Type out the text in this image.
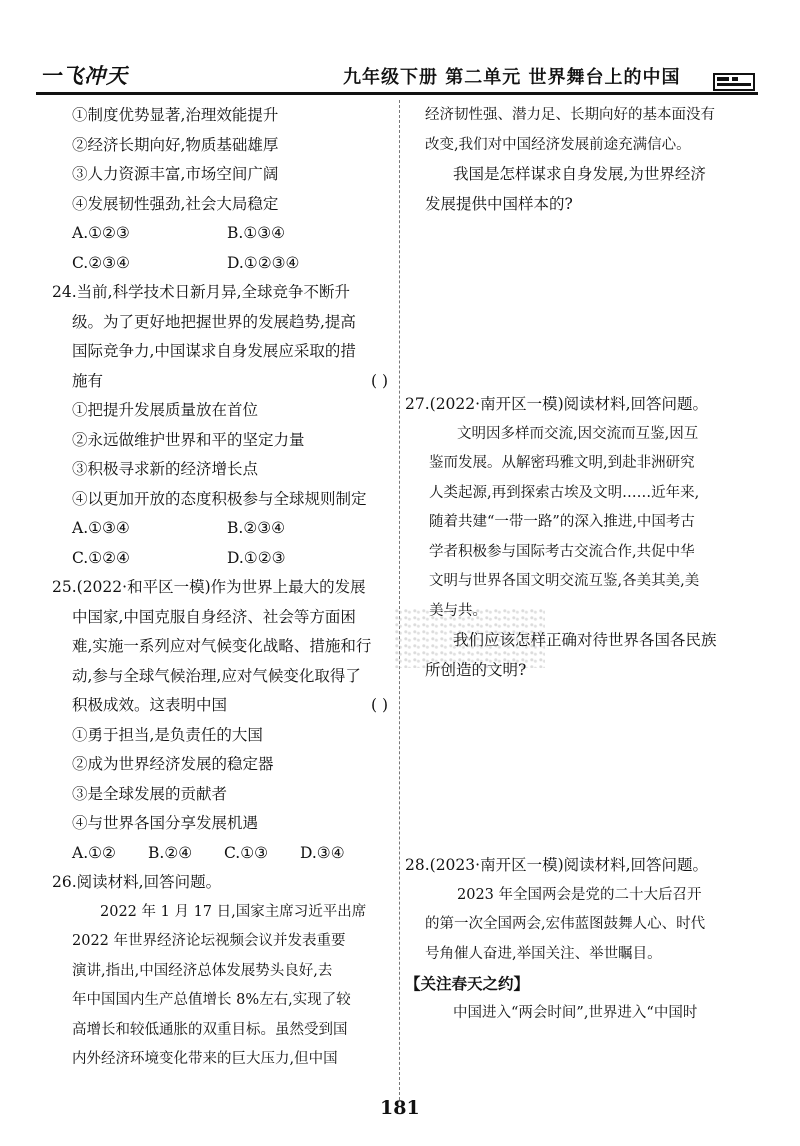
一飞冲天	九年级下册 第二单元 世界舞台上的中国
①制度优势显著,治理效能提升
②经济长期向好,物质基础雄厚
③人力资源丰富,市场空间广阔
④发展韧性强劲,社会大局稳定
A.①②③	B.①③④
C.②③④	D.①②③④
24.当前,科学技术日新月异,全球竞争不断升
级。为了更好地把握世界的发展趋势,提高
国际竞争力,中国谋求自身发展应采取的措
施有	( )
①把提升发展质量放在首位
②永远做维护世界和平的坚定力量
③积极寻求新的经济增长点
④以更加开放的态度积极参与全球规则制定
A.①③④	B.②③④
C.①②④	D.①②③
25.(2022·和平区一模)作为世界上最大的发展
中国家,中国克服自身经济、社会等方面困
难,实施一系列应对气候变化战略、措施和行
动,参与全球气候治理,应对气候变化取得了
积极成效。这表明中国	( )
①勇于担当,是负责任的大国
②成为世界经济发展的稳定器
③是全球发展的贡献者
④与世界各国分享发展机遇
A.①②	B.②④	C.①③	D.③④
26.阅读材料,回答问题。
2022 年 1 月 17 日,国家主席习近平出席
2022 年世界经济论坛视频会议并发表重要
演讲,指出,中国经济总体发展势头良好,去
年中国国内生产总值增长 8%左右,实现了较
高增长和较低通胀的双重目标。虽然受到国
内外经济环境变化带来的巨大压力,但中国
经济韧性强、潜力足、长期向好的基本面没有
改变,我们对中国经济发展前途充满信心。
我国是怎样谋求自身发展,为世界经济
发展提供中国样本的?
27.(2022·南开区一模)阅读材料,回答问题。
文明因多样而交流,因交流而互鉴,因互
鉴而发展。从解密玛雅文明,到赴非洲研究
人类起源,再到探索古埃及文明……近年来,
随着共建“一带一路”的深入推进,中国考古
学者积极参与国际考古交流合作,共促中华
文明与世界各国文明交流互鉴,各美其美,美
美与共。
我们应该怎样正确对待世界各国各民族
所创造的文明?
28.(2023·南开区一模)阅读材料,回答问题。
2023 年全国两会是党的二十大后召开
的第一次全国两会,宏伟蓝图鼓舞人心、时代
号角催人奋进,举国关注、举世瞩目。
【关注春天之约】
中国进入“两会时间”,世界进入“中国时
181
